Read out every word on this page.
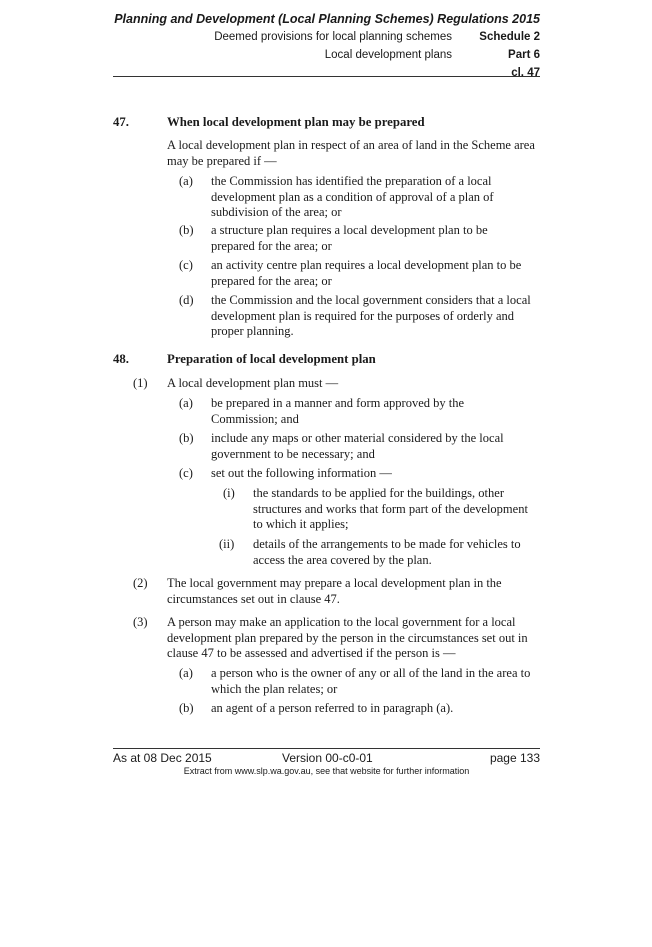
Planning and Development (Local Planning Schemes) Regulations 2015
Deemed provisions for local planning schemes Schedule 2
Local development plans	Part 6
cl. 47
47.	When local development plan may be prepared
A local development plan in respect of an area of land in the Scheme area may be prepared if —
(a) the Commission has identified the preparation of a local development plan as a condition of approval of a plan of subdivision of the area; or
(b) a structure plan requires a local development plan to be prepared for the area; or
(c) an activity centre plan requires a local development plan to be prepared for the area; or
(d) the Commission and the local government considers that a local development plan is required for the purposes of orderly and proper planning.
48.	Preparation of local development plan
(1) A local development plan must —
(a) be prepared in a manner and form approved by the Commission; and
(b) include any maps or other material considered by the local government to be necessary; and
(c) set out the following information —
(i) the standards to be applied for the buildings, other structures and works that form part of the development to which it applies;
(ii) details of the arrangements to be made for vehicles to access the area covered by the plan.
(2) The local government may prepare a local development plan in the circumstances set out in clause 47.
(3) A person may make an application to the local government for a local development plan prepared by the person in the circumstances set out in clause 47 to be assessed and advertised if the person is —
(a) a person who is the owner of any or all of the land in the area to which the plan relates; or
(b) an agent of a person referred to in paragraph (a).
As at 08 Dec 2015	Version 00-c0-01	page 133
Extract from www.slp.wa.gov.au, see that website for further information
